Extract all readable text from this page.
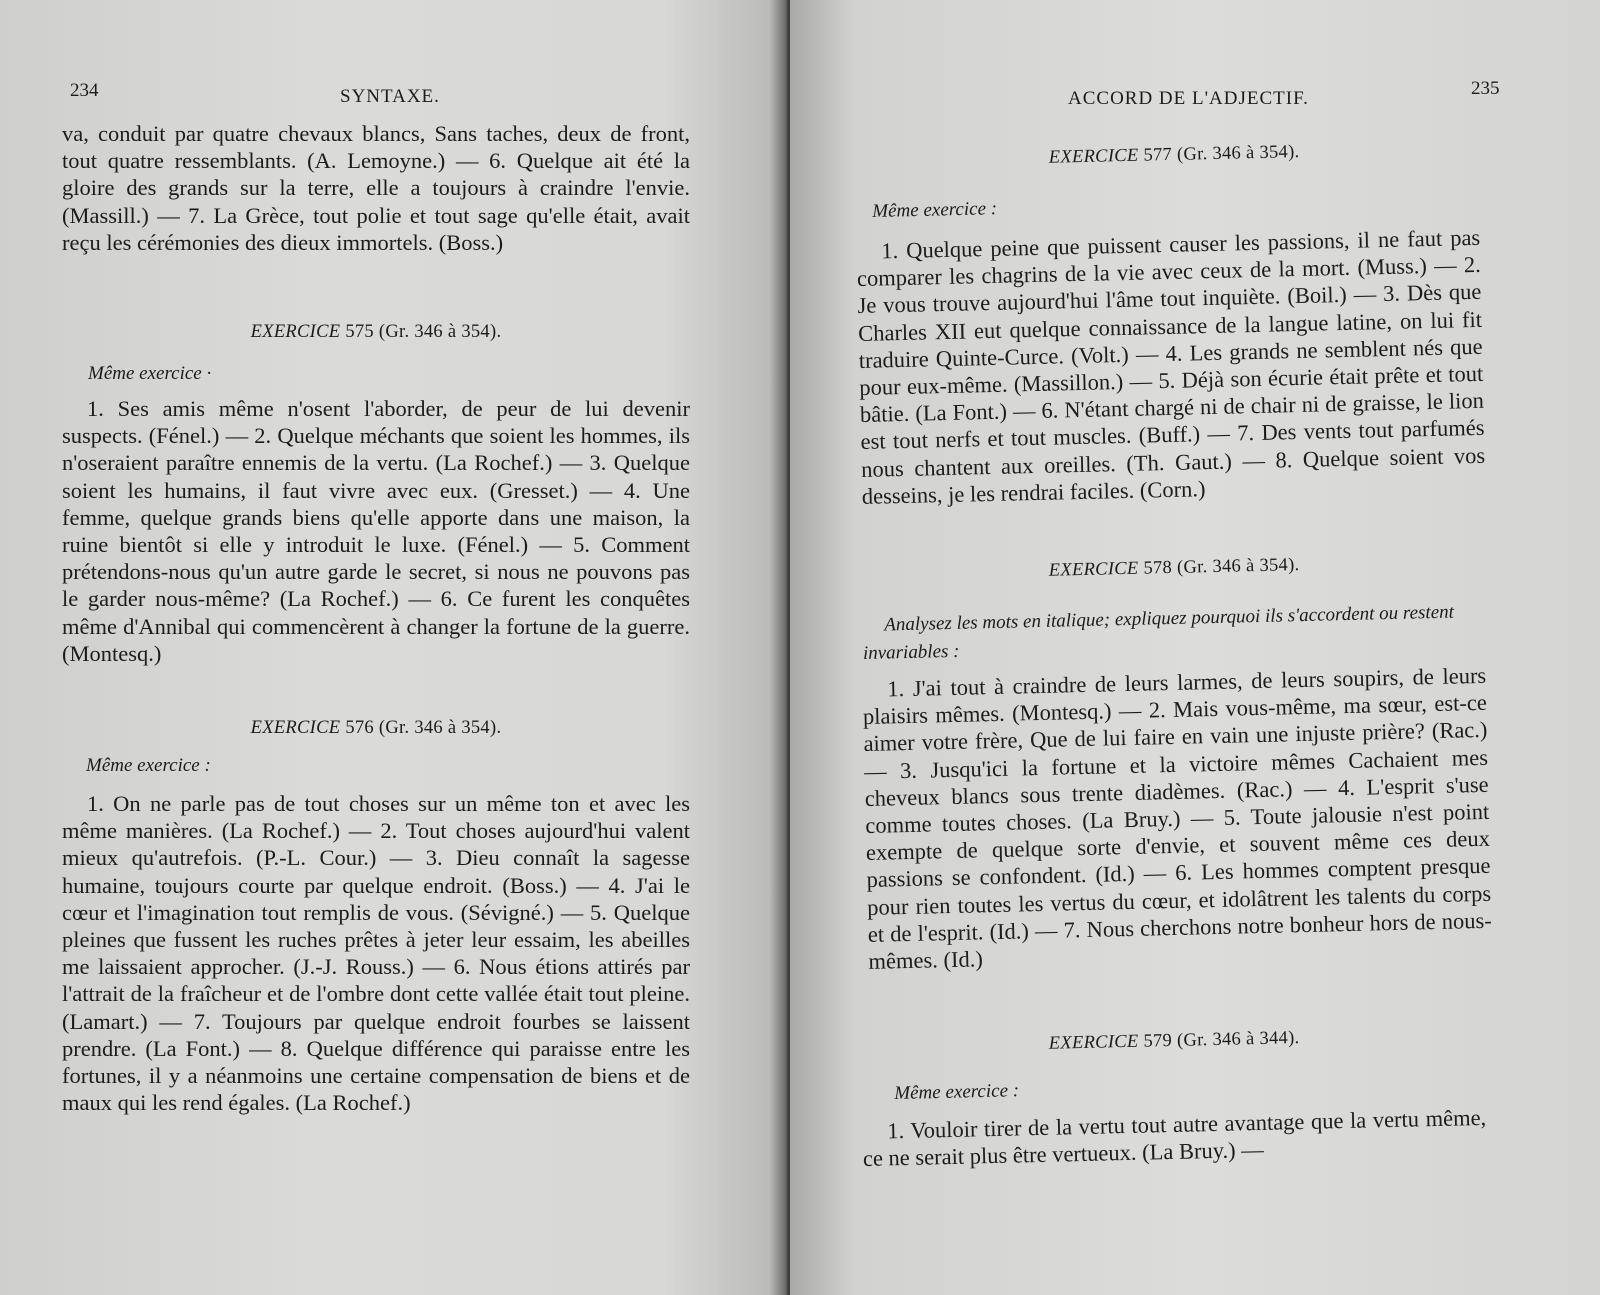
234	SYNTAXE.
va, conduit par quatre chevaux blancs, Sans taches, deux de front, tout quatre ressemblants. (A. Lemoyne.) — 6. Quelque ait été la gloire des grands sur la terre, elle a toujours à craindre l'envie. (Massill.) — 7. La Grèce, tout polie et tout sage qu'elle était, avait reçu les cérémonies des dieux immortels. (Boss.)
EXERCICE 575 (Gr. 346 à 354).
Même exercice ·
1. Ses amis même n'osent l'aborder, de peur de lui devenir suspects. (Fénel.) — 2. Quelque méchants que soient les hommes, ils n'oseraient paraître ennemis de la vertu. (La Rochef.) — 3. Quelque soient les humains, il faut vivre avec eux. (Gresset.) — 4. Une femme, quelque grands biens qu'elle apporte dans une maison, la ruine bientôt si elle y introduit le luxe. (Fénel.) — 5. Comment prétendons-nous qu'un autre garde le secret, si nous ne pouvons pas le garder nous-même? (La Rochef.) — 6. Ce furent les conquêtes même d'Annibal qui commencèrent à changer la fortune de la guerre. (Montesq.)
EXERCICE 576 (Gr. 346 à 354).
Même exercice :
1. On ne parle pas de tout choses sur un même ton et avec les même manières. (La Rochef.) — 2. Tout choses aujourd'hui valent mieux qu'autrefois. (P.-L. Cour.) — 3. Dieu connaît la sagesse humaine, toujours courte par quelque endroit. (Boss.) — 4. J'ai le cœur et l'imagination tout remplis de vous. (Sévigné.) — 5. Quelque pleines que fussent les ruches prêtes à jeter leur essaim, les abeilles me laissaient approcher. (J.-J. Rouss.) — 6. Nous étions attirés par l'attrait de la fraîcheur et de l'ombre dont cette vallée était tout pleine. (Lamart.) — 7. Toujours par quelque endroit fourbes se laissent prendre. (La Font.) — 8. Quelque différence qui paraisse entre les fortunes, il y a néanmoins une certaine compensation de biens et de maux qui les rend égales. (La Rochef.)
ACCORD DE L'ADJECTIF.	235
EXERCICE 577 (Gr. 346 à 354).
Même exercice :
1. Quelque peine que puissent causer les passions, il ne faut pas comparer les chagrins de la vie avec ceux de la mort. (Muss.) — 2. Je vous trouve aujourd'hui l'âme tout inquiète. (Boil.) — 3. Dès que Charles XII eut quelque connaissance de la langue latine, on lui fit traduire Quinte-Curce. (Volt.) — 4. Les grands ne semblent nés que pour eux-même. (Massillon.) — 5. Déjà son écurie était prête et tout bâtie. (La Font.) — 6. N'étant chargé ni de chair ni de graisse, le lion est tout nerfs et tout muscles. (Buff.) — 7. Des vents tout parfumés nous chantent aux oreilles. (Th. Gaut.) — 8. Quelque soient vos desseins, je les rendrai faciles. (Corn.)
EXERCICE 578 (Gr. 346 à 354).
Analysez les mots en italique; expliquez pourquoi ils s'accordent ou restent invariables :
1. J'ai tout à craindre de leurs larmes, de leurs soupirs, de leurs plaisirs mêmes. (Montesq.) — 2. Mais vous-même, ma sœur, est-ce aimer votre frère, Que de lui faire en vain une injuste prière? (Rac.) — 3. Jusqu'ici la fortune et la victoire mêmes Cachaient mes cheveux blancs sous trente diadèmes. (Rac.) — 4. L'esprit s'use comme toutes choses. (La Bruy.) — 5. Toute jalousie n'est point exempte de quelque sorte d'envie, et souvent même ces deux passions se confondent. (Id.) — 6. Les hommes comptent presque pour rien toutes les vertus du cœur, et idolâtrent les talents du corps et de l'esprit. (Id.) — 7. Nous cherchons notre bonheur hors de nous-mêmes. (Id.)
EXERCICE 579 (Gr. 346 à 344).
Même exercice :
1. Vouloir tirer de la vertu tout autre avantage que la vertu même, ce ne serait plus être vertueux. (La Bruy.) —
